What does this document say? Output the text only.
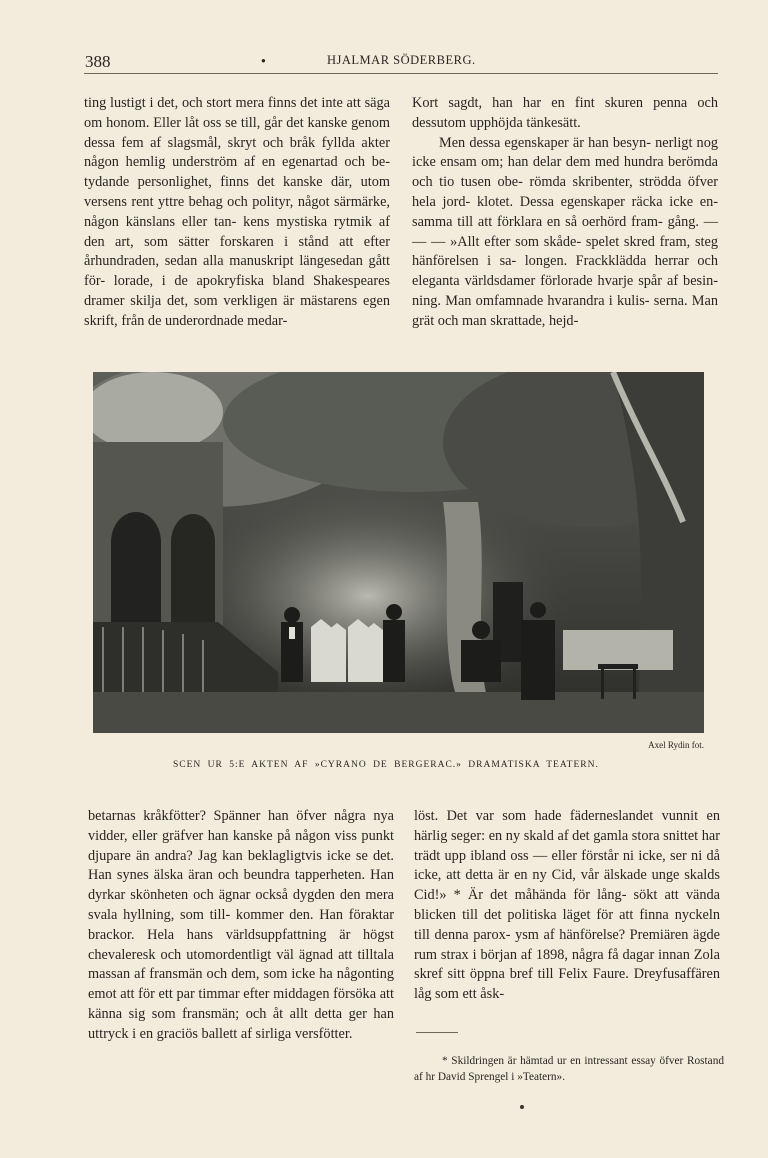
388	●	HJALMAR SÖDERBERG.

ting lustigt i det, och stort mera finns det inte att säga om honom. Eller låt oss se till, går det kanske genom dessa fem af slagsmål, skryt och bråk fyllda akter någon hemlig underström af en egenartad och be- tydande personlighet, finns det kanske där, utom versens rent yttre behag och polityr, något särmärke, någon känslans eller tan- kens mystiska rytmik af den art, som sätter forskaren i stånd att efter århundraden, sedan alla manuskript längesedan gått för- lorade, i de apokryfiska bland Shakespeares dramer skilja det, som verkligen är mästarens egen skrift, från de underordnade medar-

Kort sagdt, han har en fint skuren penna och dessutom upphöjda tänkesätt.

Men dessa egenskaper är han besyn- nerligt nog icke ensam om; han delar dem med hundra berömda och tio tusen obe- römda skribenter, strödda öfver hela jord- klotet. Dessa egenskaper räcka icke en- samma till att förklara en så oerhörd fram- gång. — — — »Allt efter som skåde- spelet skred fram, steg hänförelsen i sa- longen. Frackklädda herrar och eleganta världsdamer förlorade hvarje spår af besin- ning. Man omfamnade hvarandra i kulis- serna. Man grät och man skrattade, hejd-

Axel Rydin fot.
SCEN UR 5:E AKTEN AF »CYRANO DE BERGERAC.» DRAMATISKA TEATERN.

betarnas kråkfötter? Spänner han öfver några nya vidder, eller gräfver han kanske på någon viss punkt djupare än andra? Jag kan beklagligtvis icke se det. Han synes älska äran och beundra tapperheten. Han dyrkar skönheten och ägnar också dygden den mera svala hyllning, som till- kommer den. Han föraktar brackor. Hela hans världsuppfattning är högst chevaleresk och utomordentligt väl ägnad att tilltala massan af fransmän och dem, som icke ha någonting emot att för ett par timmar efter middagen försöka att känna sig som fransmän; och åt allt detta ger han uttryck i en graciös ballett af sirliga versfötter.

löst. Det var som hade fäderneslandet vunnit en härlig seger: en ny skald af det gamla stora snittet har trädt upp ibland oss — eller förstår ni icke, ser ni då icke, att detta är en ny Cid, vår älskade unge skalds Cid!» * Är det måhända för lång- sökt att vända blicken till det politiska läget för att finna nyckeln till denna parox- ysm af hänförelse? Premiären ägde rum strax i början af 1898, några få dagar innan Zola skref sitt öppna bref till Felix Faure. Dreyfusaffären låg som ett åsk-

* Skildringen är hämtad ur en intressant essay öfver Rostand af hr David Sprengel i »Teatern».
